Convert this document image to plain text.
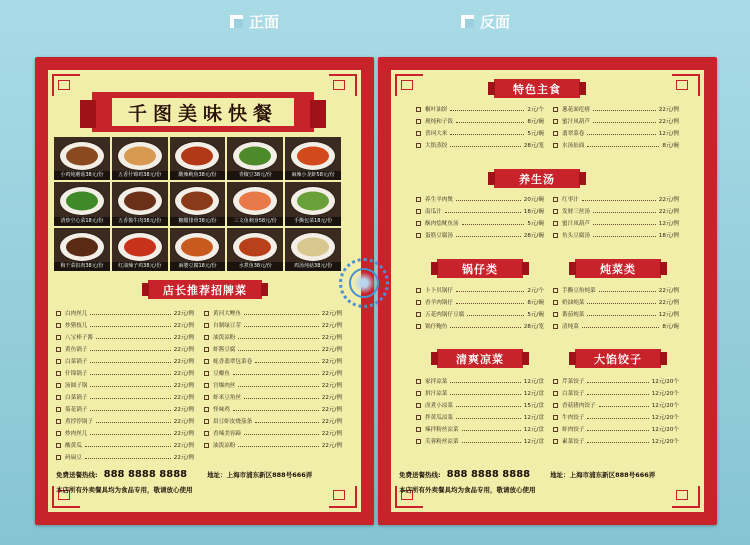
正面	反面
千图美味快餐
小鸡炖蘑菇38元/份	五香什锦鸡38元/份	酸辣鱿鱼38元/份	青椒豆38元/份	麻辣小龙虾58元/份
清炒空心菜18元/份	五香酱牛肉38元/份	糖醋排骨38元/份	三文鱼刺身58元/份	手撕包菜18元/份
梅干菜扣肉38元/份	红油辣子鸡38元/份	麻婆豆腐18元/份	水煮鱼38元/份	鸡汤炖菇38元/份
店长推荐招牌菜
白肉丝儿	22元/例
炒猪枝儿	22元/例
八宝棒子酱	22元/例
黄鱼锅子	22元/例
白菜锅子	22元/例
什锦锅子	22元/例
汤圆子锅	22元/例
白菜锅子	22元/例
菊花锅子	22元/例
煮饽饽锅子	22元/例
炒肉丝儿	22元/例
酸黄瓜	22元/例
码扁豆	22元/例
黄河大鲤鱼	22元/例
自制绿豆芽	22元/例
油泼凉粉	22元/例
虾酱豆腐	22元/例
蚝香翡翠包菜卷	22元/例
豆瓣鱼	22元/例
宫爆肉丝	22元/例
虾米豆角丝	22元/例
怪味鸡	22元/例
眉豆虾皮烧茄条	22元/例
香辣美容蹄	22元/例
油泼凉粉	22元/例
免费送餐热线: 888 8888 8888	地址：上海市浦东新区888号666弄
本店所有外卖餐具均为食品专用，敬请放心使用
特色主食
椒叶油饼	2元/个
现炖和子饭	8元/碗
普珂大米	5元/碗
大馅蒸饺	28元/笼
葱花面疙瘩	22元/例
蜜汁凤葫芦	22元/例
翡翠菜卷	12元/例
水汤扯面	8元/碗
养生汤
养生羊肉煲	20元/碗
南瓜汁	18元/碗
酥肉烩鱿鱼汤	5元/碗
蛋筋豆腐汤	28元/碗
红枣汁	22元/例
发财三丝汤	22元/例
蜜汁凤葫芦	12元/例
鱼头豆腐汤	18元/例
锅仔类	炖菜类
卜卜贝锅仔	2元/个
香羊肉锅仔	8元/碗
五花肉锅仔豆腐	5元/碗
锅仔鲍鱼	28元/笼
手撕豆角炖菜	22元/例
奶油炖菜	22元/例
番茄炖菜	12元/例
清炖菜	8元/碗
清爽凉菜	大馅饺子
家拌凉菜	12元/盘
拼汁凉菜	12元/盘
卤煮小凉菜	15元/盘
拌黄瓜凉菜	12元/盘
辣拌粉丝凉菜	12元/盘
芙蓉粉丝凉菜	12元/盘
芹菜饺子	12元/20个
白菜饺子	12元/20个
香菇猪肉饺子	12元/20个
牛肉饺子	12元/20个
虾肉饺子	12元/20个
素菜饺子	12元/20个
免费送餐热线: 888 8888 8888	地址：上海市浦东新区888号666弄
本店所有外卖餐具均为食品专用，敬请放心使用
